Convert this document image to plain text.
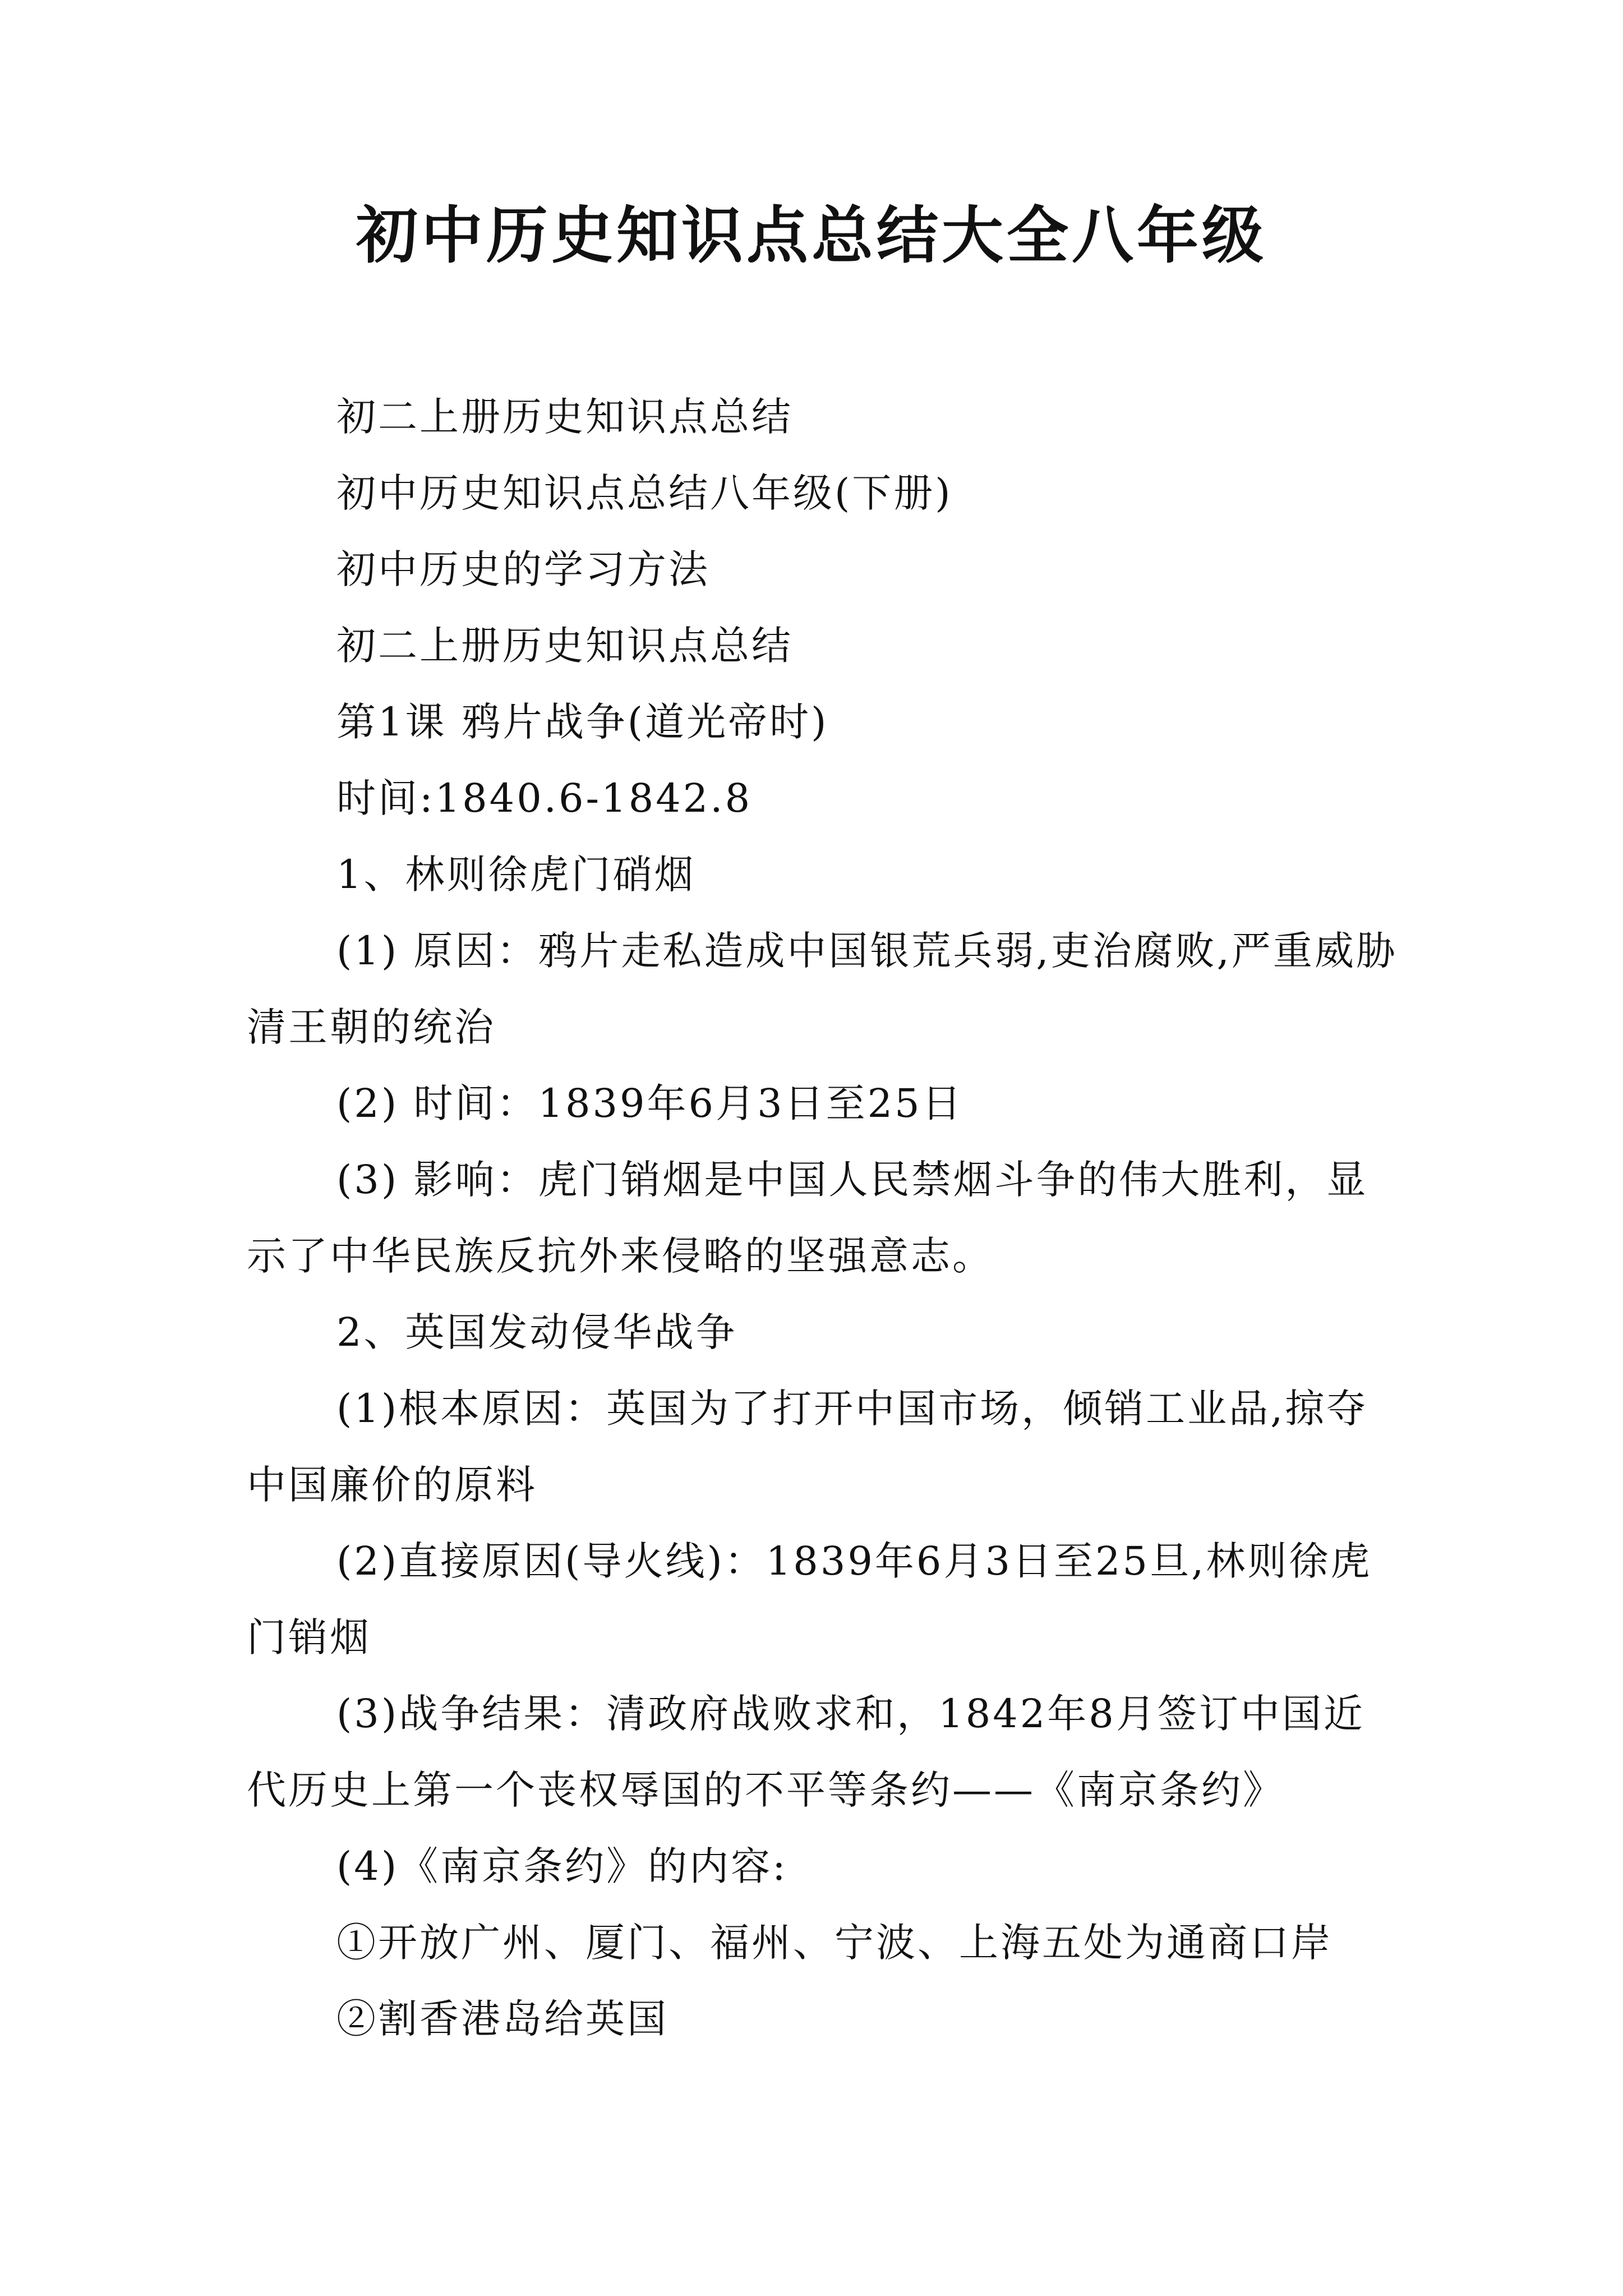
初中历史知识点总结大全八年级

初二上册历史知识点总结

初中历史知识点总结八年级(下册)

初中历史的学习方法

初二上册历史知识点总结

第1课 鸦片战争(道光帝时)

时间:1840.6-1842.8

1、林则徐虎门硝烟

(1) 原因：鸦片走私造成中国银荒兵弱,吏治腐败,严重威胁清王朝的统治

(2) 时间：1839年6月3日至25日

(3) 影响：虎门销烟是中国人民禁烟斗争的伟大胜利，显示了中华民族反抗外来侵略的坚强意志。

2、英国发动侵华战争

(1)根本原因：英国为了打开中国市场，倾销工业品,掠夺中国廉价的原料

(2)直接原因(导火线)：1839年6月3日至25旦,林则徐虎门销烟

(3)战争结果：清政府战败求和，1842年8月签订中国近代历史上第一个丧权辱国的不平等条约——《南京条约》

(4)《南京条约》的内容:

①开放广州、厦门、福州、宁波、上海五处为通商口岸

②割香港岛给英国
